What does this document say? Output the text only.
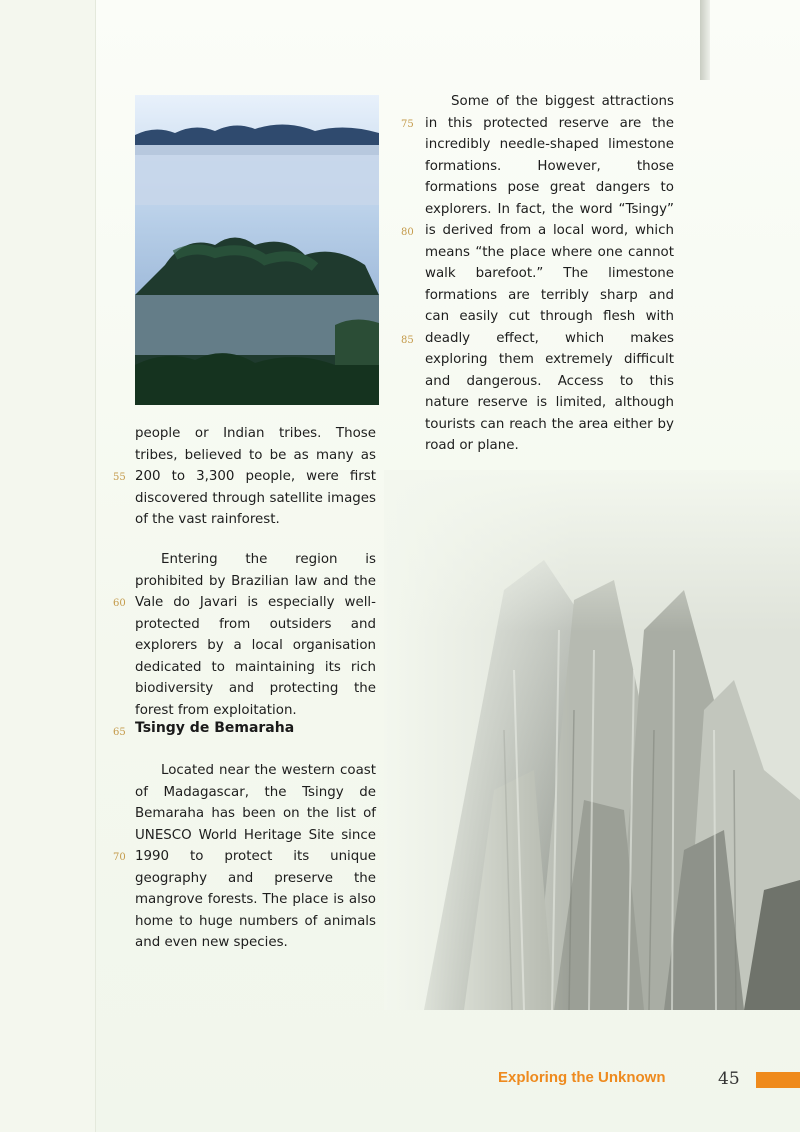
people or Indian tribes. Those tribes, believed to be as many as 200 to 3,300 people, were first discovered through satellite images of the vast rainforest.

Entering the region is prohibited by Brazilian law and the Vale do Javari is especially well-protected from outsiders and explorers by a local organisation dedicated to maintaining its rich biodiversity and protecting the forest from exploitation.

Tsingy de Bemaraha

Located near the western coast of Madagascar, the Tsingy de Bemaraha has been on the list of UNESCO World Heritage Site since 1990 to protect its unique geography and preserve the mangrove forests. The place is also home to huge numbers of animals and even new species.

Some of the biggest attractions in this protected reserve are the incredibly needle-shaped limestone formations. However, those formations pose great dangers to explorers. In fact, the word “Tsingy” is derived from a local word, which means “the place where one cannot walk barefoot.” The limestone formations are terribly sharp and can easily cut through flesh with deadly effect, which makes exploring them extremely difficult and dangerous. Access to this nature reserve is limited, although tourists can reach the area either by road or plane.

55
60
65
70
75
80
85
Exploring the Unknown	45
